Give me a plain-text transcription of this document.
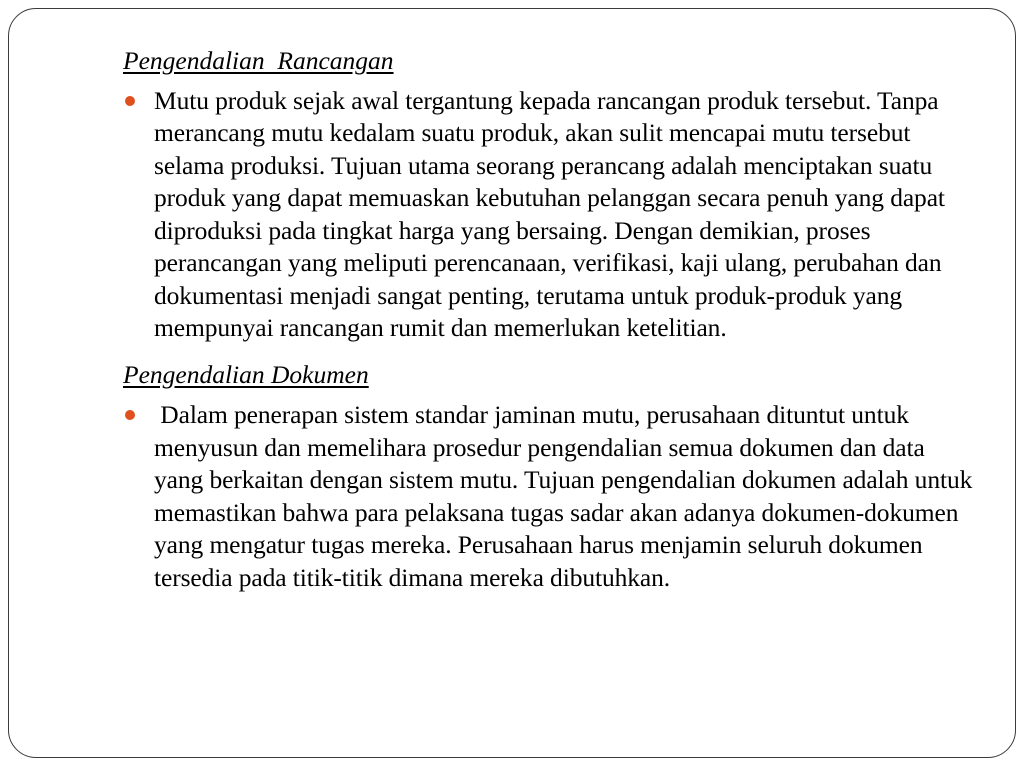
Pengendalian  Rancangan

Mutu produk sejak awal tergantung kepada rancangan produk tersebut. Tanpa merancang mutu kedalam suatu produk, akan sulit mencapai mutu tersebut selama produksi. Tujuan utama seorang perancang adalah menciptakan suatu produk yang dapat memuaskan kebutuhan pelanggan secara penuh yang dapat diproduksi pada tingkat harga yang bersaing. Dengan demikian, proses perancangan yang meliputi perencanaan, verifikasi, kaji ulang, perubahan dan dokumentasi menjadi sangat penting, terutama untuk produk-produk yang mempunyai rancangan rumit dan memerlukan ketelitian.

Pengendalian Dokumen

Dalam penerapan sistem standar jaminan mutu, perusahaan dituntut untuk menyusun dan memelihara prosedur pengendalian semua dokumen dan data yang berkaitan dengan sistem mutu. Tujuan pengendalian dokumen adalah untuk memastikan bahwa para pelaksana tugas sadar akan adanya dokumen-dokumen yang mengatur tugas mereka. Perusahaan harus menjamin seluruh dokumen tersedia pada titik-titik dimana mereka dibutuhkan.
